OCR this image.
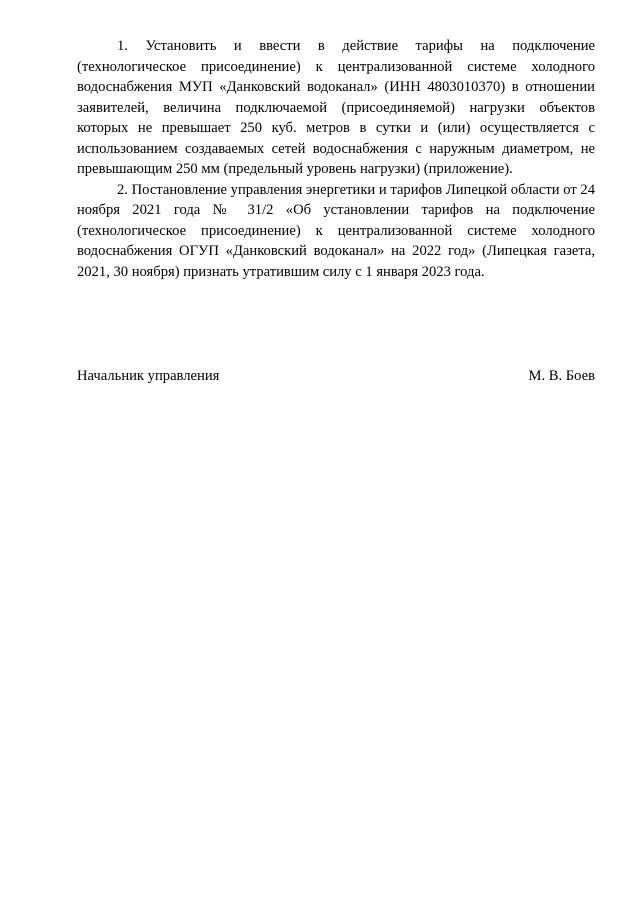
1. Установить и ввести в действие тарифы на подключение (технологическое присоединение) к централизованной системе холодного водоснабжения МУП «Данковский водоканал» (ИНН 4803010370) в отношении заявителей, величина подключаемой (присоединяемой) нагрузки объектов которых не превышает 250 куб. метров в сутки и (или) осуществляется с использованием создаваемых сетей водоснабжения с наружным диаметром, не превышающим 250 мм (предельный уровень нагрузки) (приложение).

2. Постановление управления энергетики и тарифов Липецкой области от 24 ноября 2021 года № 31/2 «Об установлении тарифов на подключение (технологическое присоединение) к централизованной системе холодного водоснабжения ОГУП «Данковский водоканал» на 2022 год» (Липецкая газета, 2021, 30 ноября) признать утратившим силу с 1 января 2023 года.

Начальник управления	М. В. Боев
